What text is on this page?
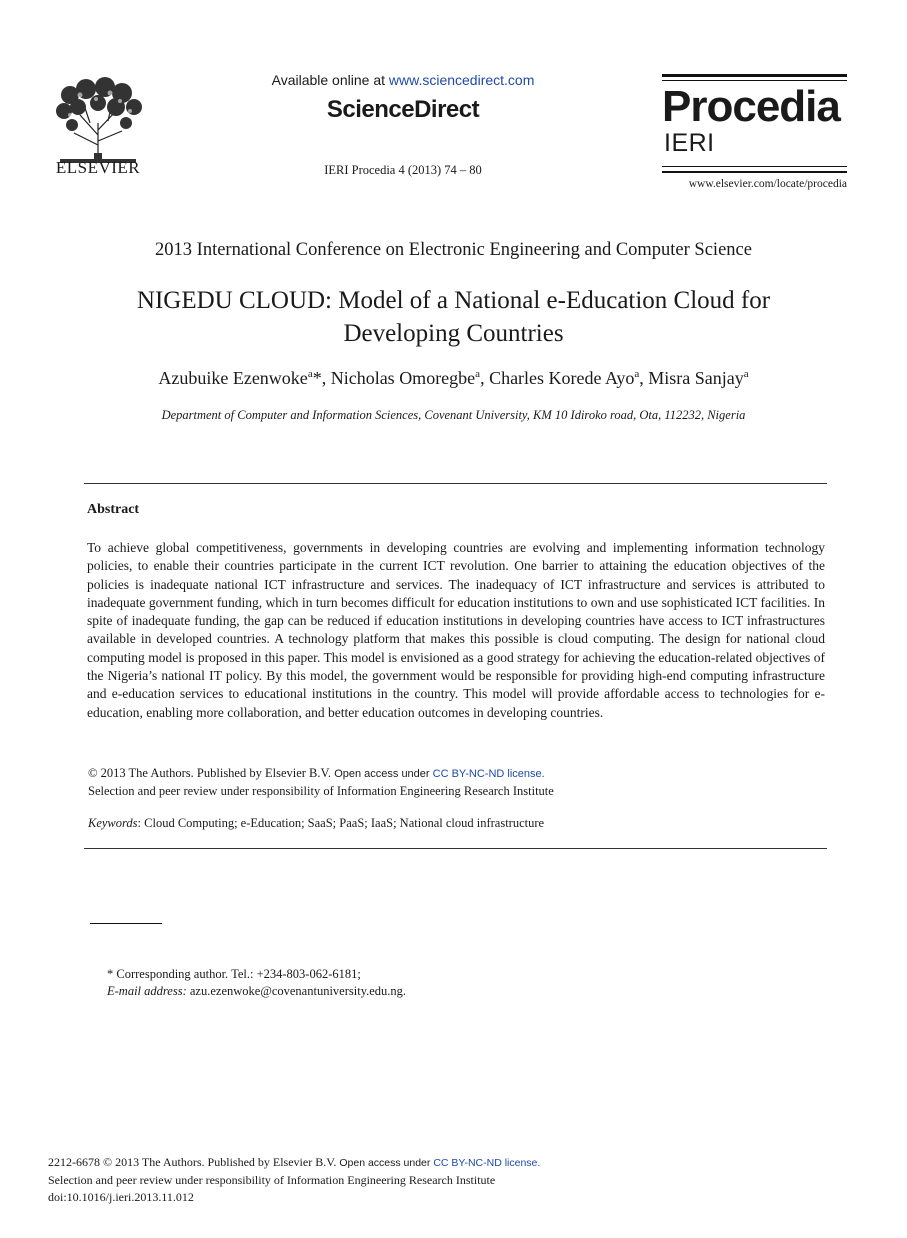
ELSEVIER
Available online at www.sciencedirect.com
ScienceDirect
IERI Procedia 4 (2013) 74 – 80
Procedia
IERI
www.elsevier.com/locate/procedia
2013 International Conference on Electronic Engineering and Computer Science
NIGEDU CLOUD: Model of a National e-Education Cloud for
Developing Countries
Azubuike Ezenwoke$^a$*, Nicholas Omoregbe$^a$, Charles Korede Ayo$^a$, Misra Sanjay$^a$
Department of Computer and Information Sciences, Covenant University, KM 10 Idiroko road, Ota, 112232, Nigeria
Abstract
To achieve global competitiveness, governments in developing countries are evolving and implementing information technology policies, to enable their countries participate in the current ICT revolution. One barrier to attaining the education objectives of the policies is inadequate national ICT infrastructure and services. The inadequacy of ICT infrastructure and services is attributed to inadequate government funding, which in turn becomes difficult for education institutions to own and use sophisticated ICT facilities. In spite of inadequate funding, the gap can be reduced if education institutions in developing countries have access to ICT infrastructures available in developed countries. A technology platform that makes this possible is cloud computing. The design for national cloud computing model is proposed in this paper. This model is envisioned as a good strategy for achieving the education-related objectives of the Nigeria’s national IT policy. By this model, the government would be responsible for providing high-end computing infrastructure and e-education services to educational institutions in the country. This model will provide affordable access to technologies for e-education, enabling more collaboration, and better education outcomes in developing countries.
© 2013 The Authors. Published by Elsevier B.V. Open access under CC BY-NC-ND license.
Selection and peer review under responsibility of Information Engineering Research Institute
Keywords: Cloud Computing; e-Education; SaaS; PaaS; IaaS; National cloud infrastructure
* Corresponding author. Tel.: +234-803-062-6181;
E-mail address: azu.ezenwoke@covenantuniversity.edu.ng.
2212-6678 © 2013 The Authors. Published by Elsevier B.V. Open access under CC BY-NC-ND license.
Selection and peer review under responsibility of Information Engineering Research Institute
doi:10.1016/j.ieri.2013.11.012
